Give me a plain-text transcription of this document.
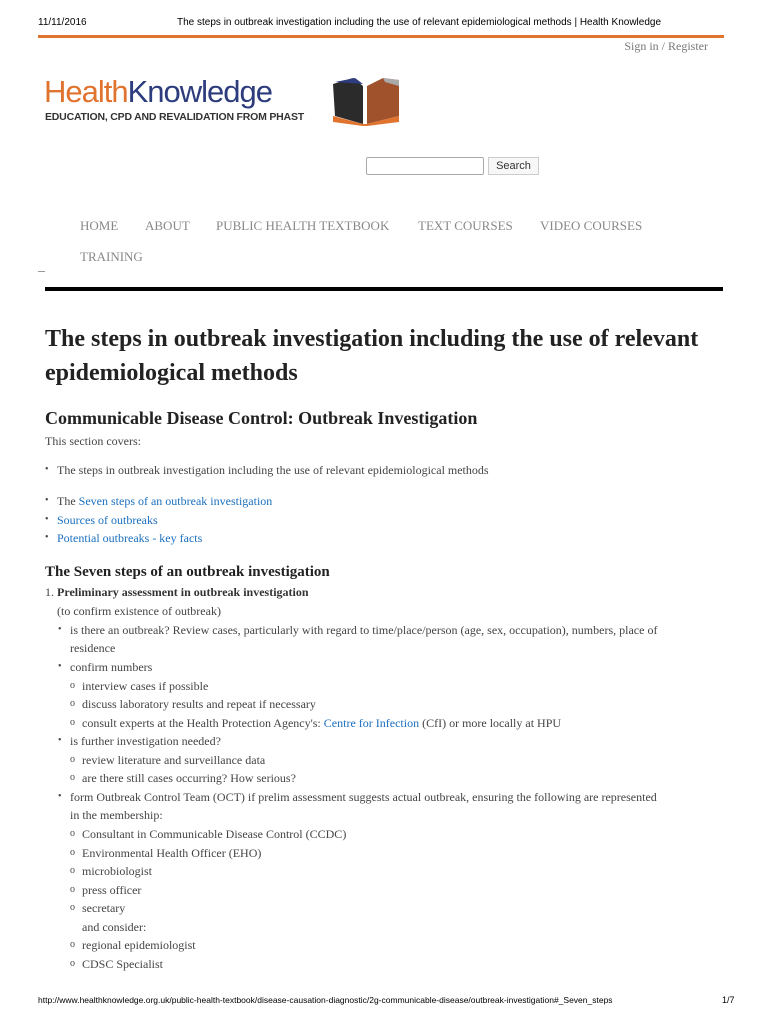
11/11/2016	The steps in outbreak investigation including the use of relevant epidemiological methods | Health Knowledge
Sign in / Register
HealthKnowledge
EDUCATION, CPD AND REVALIDATION FROM PHAST
Search
HOME ABOUT PUBLIC HEALTH TEXTBOOK TEXT COURSES VIDEO COURSES
TRAINING
The steps in outbreak investigation including the use of relevant epidemiological methods
Communicable Disease Control: Outbreak Investigation
This section covers:
• The steps in outbreak investigation including the use of relevant epidemiological methods
• The Seven steps of an outbreak investigation
• Sources of outbreaks
• Potential outbreaks - key facts
The Seven steps of an outbreak investigation
1. Preliminary assessment in outbreak investigation
(to confirm existence of outbreak)
• is there an outbreak? Review cases, particularly with regard to time/place/person (age, sex, occupation), numbers, place of
residence
• confirm numbers
o interview cases if possible
o discuss laboratory results and repeat if necessary
o consult experts at the Health Protection Agency's: Centre for Infection (CfI) or more locally at HPU
• is further investigation needed?
o review literature and surveillance data
o are there still cases occurring? How serious?
• form Outbreak Control Team (OCT) if prelim assessment suggests actual outbreak, ensuring the following are represented
in the membership:
o Consultant in Communicable Disease Control (CCDC)
o Environmental Health Officer (EHO)
o microbiologist
o press officer
o secretary
and consider:
o regional epidemiologist
o CDSC Specialist
http://www.healthknowledge.org.uk/public-health-textbook/disease-causation-diagnostic/2g-communicable-disease/outbreak-investigation#_Seven_steps	1/7
